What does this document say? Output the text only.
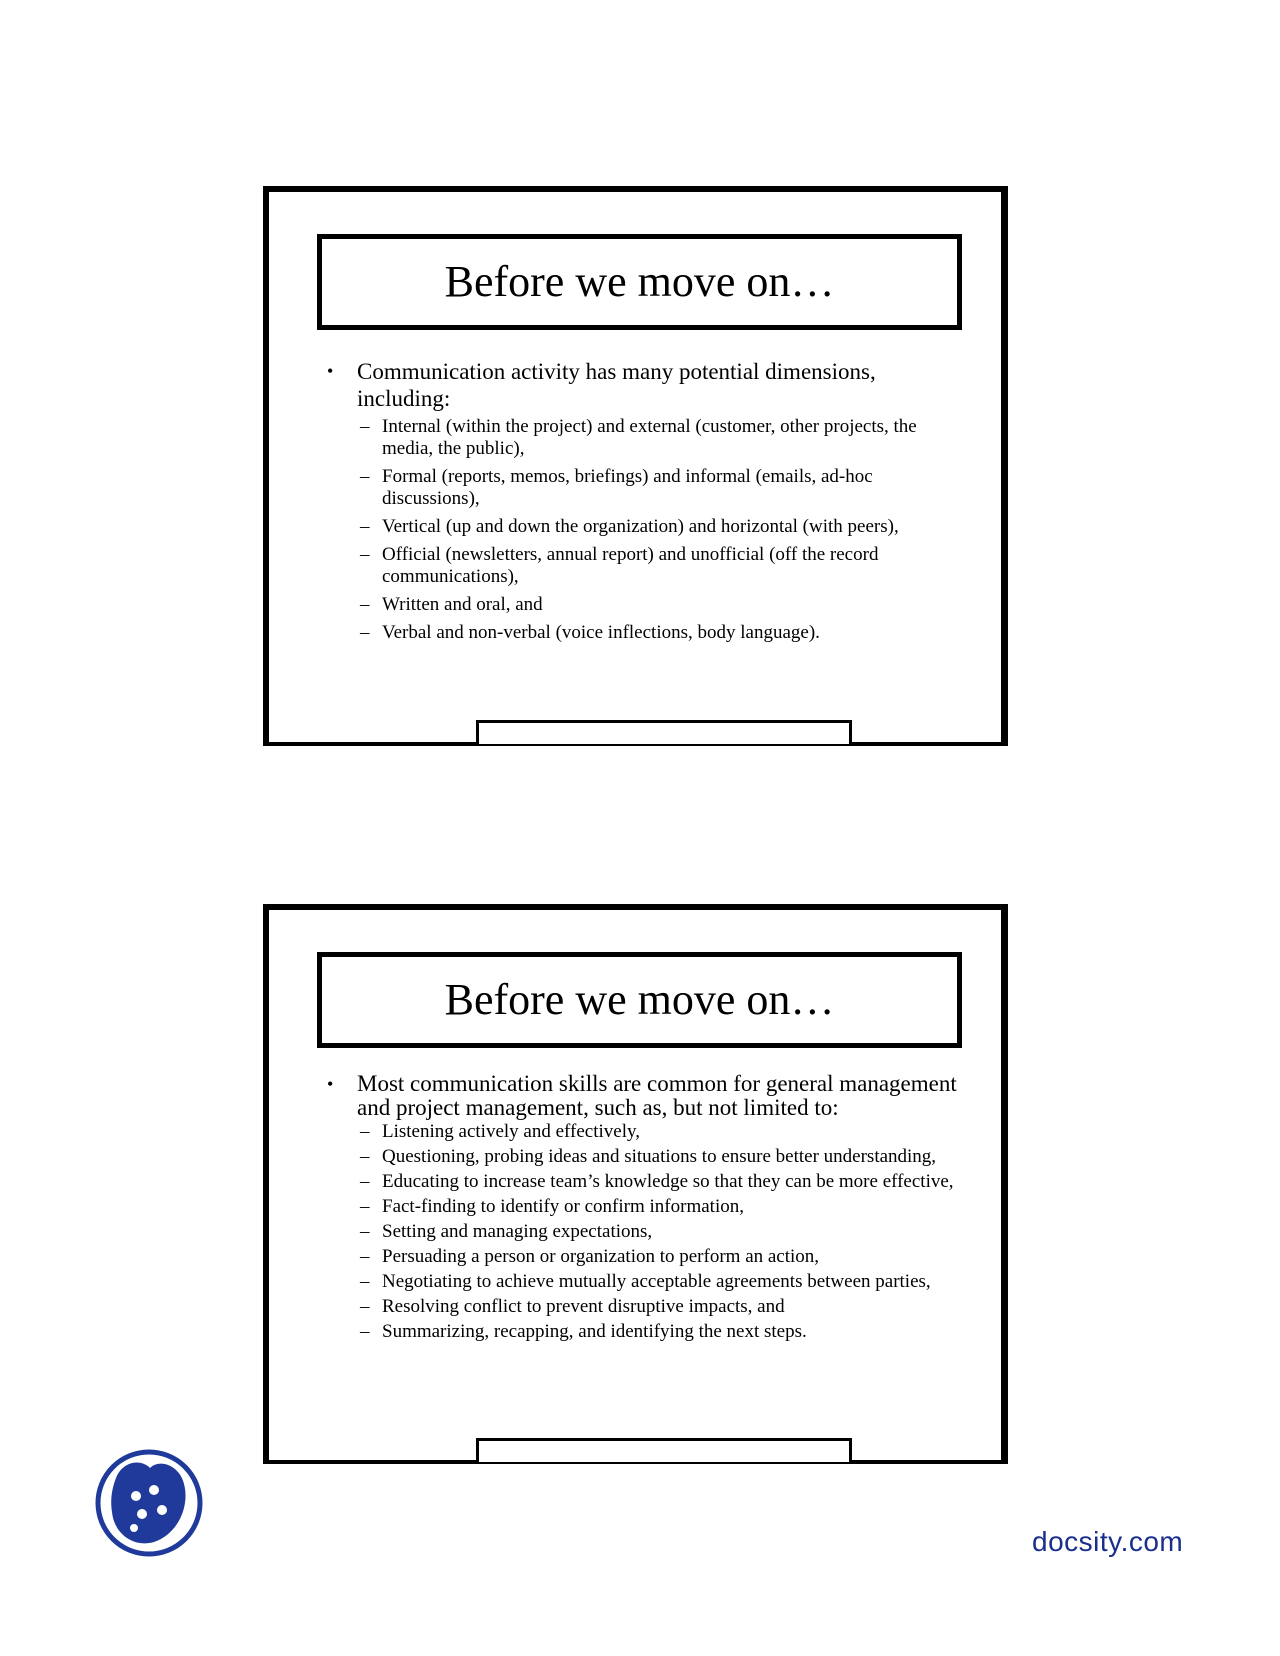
Before we move on…
• Communication activity has many potential dimensions, including:
– Internal (within the project) and external (customer, other projects, the media, the public),
– Formal (reports, memos, briefings) and informal (emails, ad-hoc discussions),
– Vertical (up and down the organization) and horizontal (with peers),
– Official (newsletters, annual report) and unofficial (off the record communications),
– Written and oral, and
– Verbal and non-verbal (voice inflections, body language).
Before we move on…
• Most communication skills are common for general management and project management, such as, but not limited to:
– Listening actively and effectively,
– Questioning, probing ideas and situations to ensure better understanding,
– Educating to increase team’s knowledge so that they can be more effective,
– Fact-finding to identify or confirm information,
– Setting and managing expectations,
– Persuading a person or organization to perform an action,
– Negotiating to achieve mutually acceptable agreements between parties,
– Resolving conflict to prevent disruptive impacts, and
– Summarizing, recapping, and identifying the next steps.
docsity.com
